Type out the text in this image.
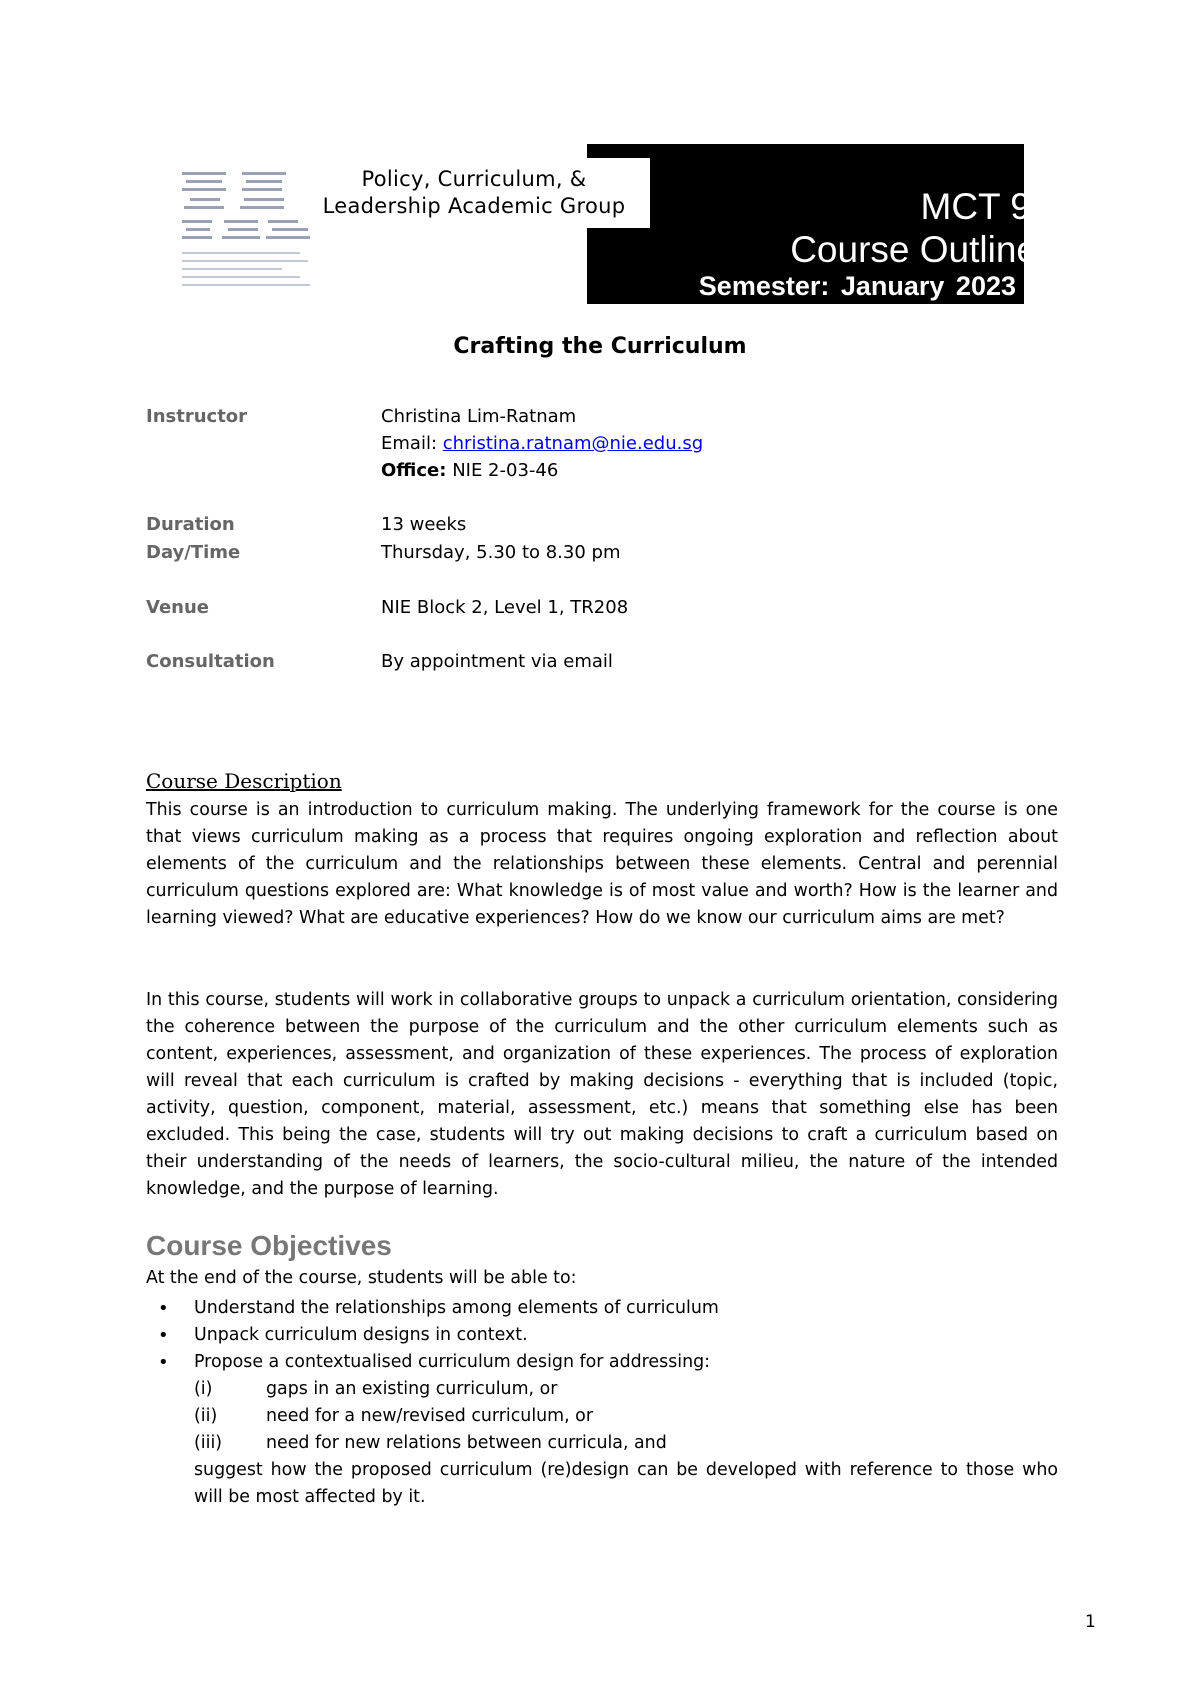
Policy, Curriculum, &
Leadership Academic Group	MCT 902
Course Outline
Semester: January 2023
Crafting the Curriculum
Instructor	Christina Lim-Ratnam
Email: christina.ratnam@nie.edu.sg
Office: NIE 2-03-46
Duration	13 weeks
Day/Time	Thursday, 5.30 to 8.30 pm
Venue	NIE Block 2, Level 1, TR208
Consultation	By appointment via email
Course Description
This course is an introduction to curriculum making. The underlying framework for the course is one that views curriculum making as a process that requires ongoing exploration and reflection about elements of the curriculum and the relationships between these elements. Central and perennial curriculum questions explored are: What knowledge is of most value and worth? How is the learner and learning viewed? What are educative experiences? How do we know our curriculum aims are met?
In this course, students will work in collaborative groups to unpack a curriculum orientation, considering the coherence between the purpose of the curriculum and the other curriculum elements such as content, experiences, assessment, and organization of these experiences. The process of exploration will reveal that each curriculum is crafted by making decisions - everything that is included (topic, activity, question, component, material, assessment, etc.) means that something else has been excluded. This being the case, students will try out making decisions to craft a curriculum based on their understanding of the needs of learners, the socio-cultural milieu, the nature of the intended knowledge, and the purpose of learning.
Course Objectives
At the end of the course, students will be able to:
• Understand the relationships among elements of curriculum
• Unpack curriculum designs in context.
• Propose a contextualised curriculum design for addressing:
(i)	gaps in an existing curriculum, or
(ii)	need for a new/revised curriculum, or
(iii)	need for new relations between curricula, and
suggest how the proposed curriculum (re)design can be developed with reference to those who will be most affected by it.
1
